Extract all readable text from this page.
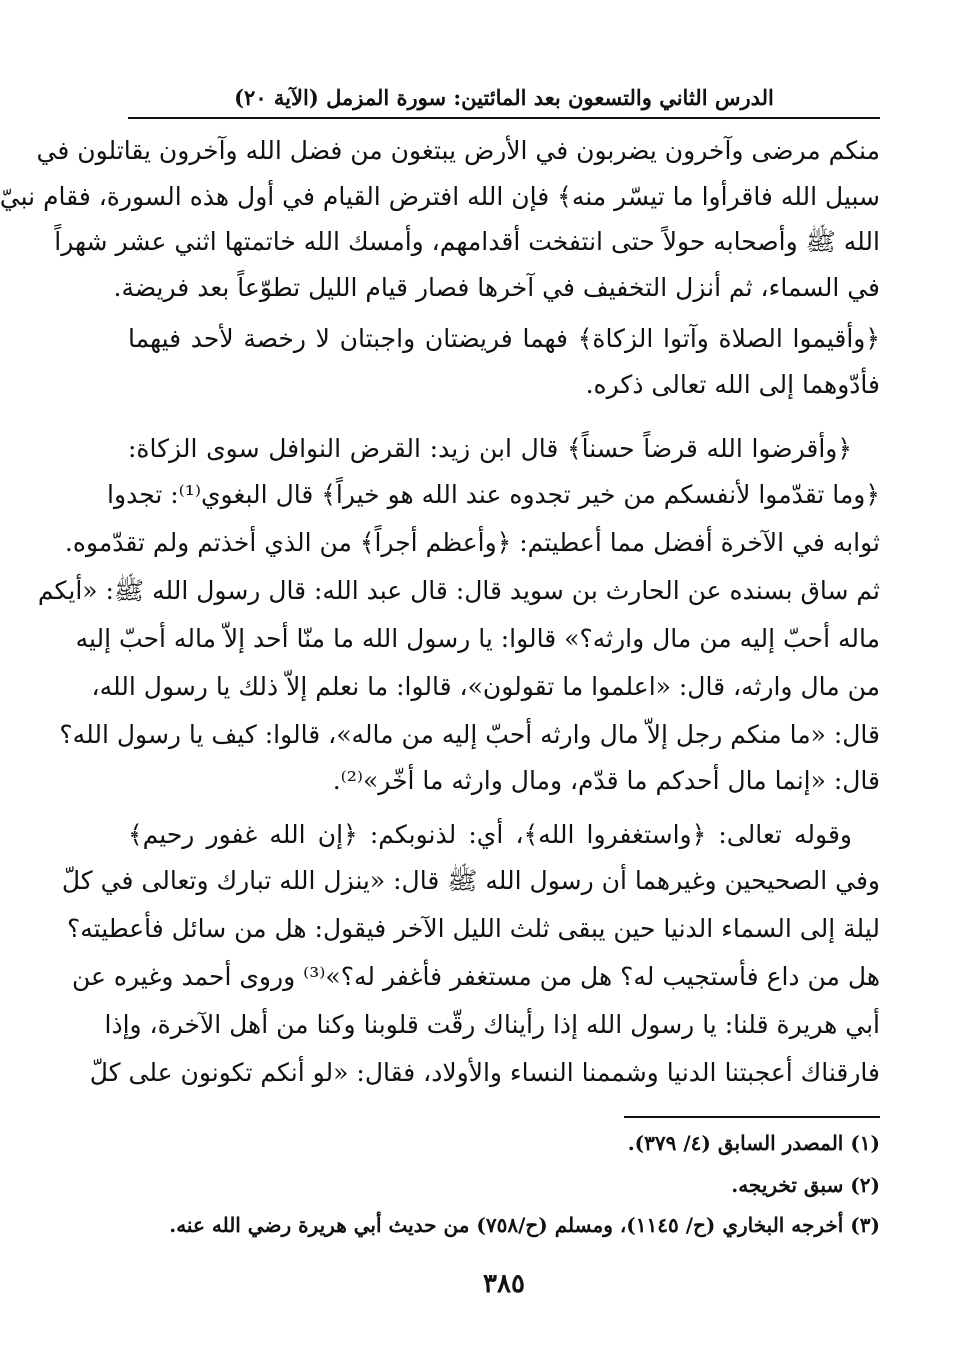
الدرس الثاني والتسعون بعد المائتين: سورة المزمل (الآية ٢٠)
منكم مرضى وآخرون يضربون في الأرض يبتغون من فضل الله وآخرون يقاتلون في
سبيل الله فاقرأوا ما تيسّر منه﴾ فإن الله افترض القيام في أول هذه السورة، فقام نبيّ
الله ﷺ وأصحابه حولاً حتى انتفخت أقدامهم، وأمسك الله خاتمتها اثني عشر شهراً
في السماء، ثم أنزل التخفيف في آخرها فصار قيام الليل تطوّعاً بعد فريضة.
﴿وأقيموا الصلاة وآتوا الزكاة﴾ فهما فريضتان واجبتان لا رخصة لأحد فيهما
فأدّوهما إلى الله تعالى ذكره.
﴿وأقرضوا الله قرضاً حسناً﴾ قال ابن زيد: القرض النوافل سوى الزكاة:
﴿وما تقدّموا لأنفسكم من خير تجدوه عند الله هو خيراً﴾ قال البغوي⁽¹⁾: تجدوا
ثوابه في الآخرة أفضل مما أعطيتم: ﴿وأعظم أجراً﴾ من الذي أخذتم ولم تقدّموه.
ثم ساق بسنده عن الحارث بن سويد قال: قال عبد الله: قال رسول الله ﷺ: «أيكم
ماله أحبّ إليه من مال وارثه؟» قالوا: يا رسول الله ما منّا أحد إلاّ ماله أحبّ إليه
من مال وارثه، قال: «اعلموا ما تقولون»، قالوا: ما نعلم إلاّ ذلك يا رسول الله،
قال: «ما منكم رجل إلاّ مال وارثه أحبّ إليه من ماله»، قالوا: كيف يا رسول الله؟
قال: «إنما مال أحدكم ما قدّم، ومال وارثه ما أخّر»⁽²⁾.
وقوله تعالى: ﴿واستغفروا الله﴾، أي: لذنوبكم: ﴿إن الله غفور رحيم﴾
وفي الصحيحين وغيرهما أن رسول الله ﷺ قال: «ينزل الله تبارك وتعالى في كلّ
ليلة إلى السماء الدنيا حين يبقى ثلث الليل الآخر فيقول: هل من سائل فأعطيته؟
هل من داع فأستجيب له؟ هل من مستغفر فأغفر له؟»⁽³⁾ وروى أحمد وغيره عن
أبي هريرة قلنا: يا رسول الله إذا رأيناك رقّت قلوبنا وكنا من أهل الآخرة، وإذا
فارقناك أعجبتنا الدنيا وشممنا النساء والأولاد، فقال: «لو أنكم تكونون على كلّ
(١) المصدر السابق (٤/ ٣٧٩).
(٢) سبق تخريجه.
(٣) أخرجه البخاري (ح/ ١١٤٥)، ومسلم (ح/٧٥٨) من حديث أبي هريرة رضي الله عنه.
٣٨٥
